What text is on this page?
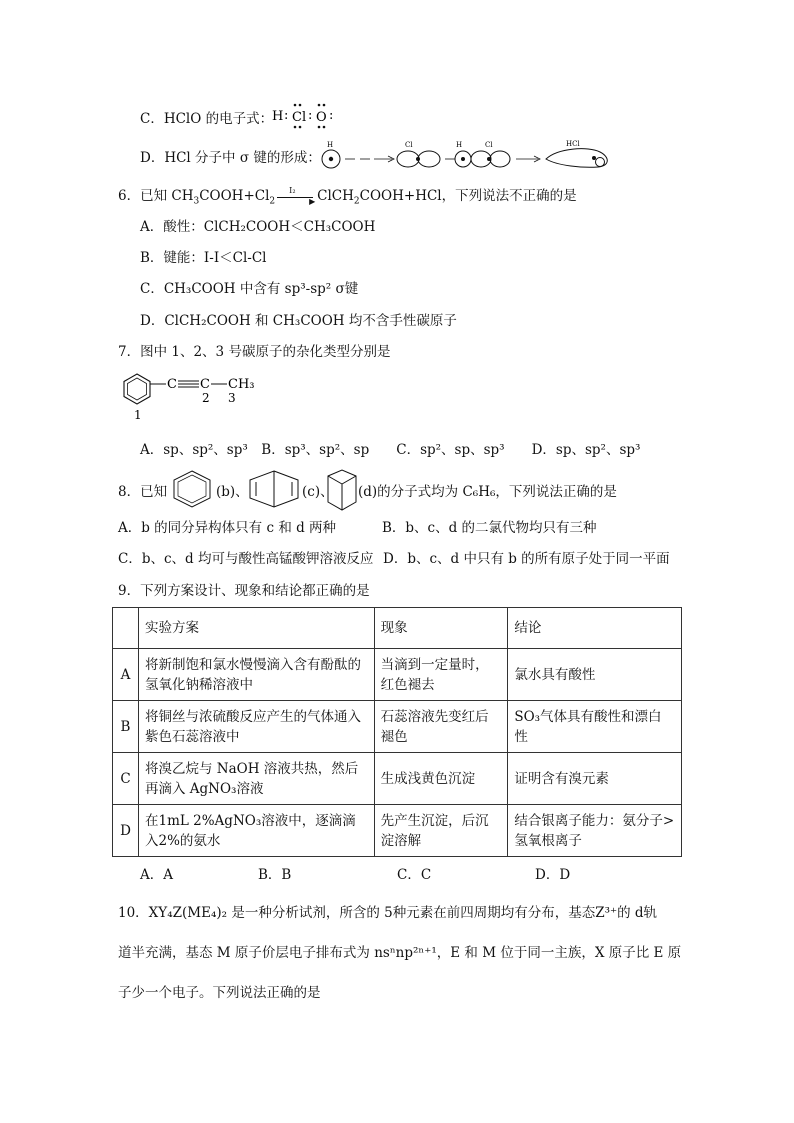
C．HClO 的电子式：
H : Cl : O :
D．HCl 分子中 σ 键的形成：
H	Cl	H	Cl	HCl
6．已知 $CH_3COOH+Cl_2$
I₂
▶ ClCH$_2$COOH+HCl，下列说法不正确的是
A．酸性：ClCH₂COOH＜CH₃COOH
B．键能：I-I＜Cl-Cl
C．CH₃COOH 中含有 sp³-sp² σ键
D．ClCH₂COOH 和 CH₃COOH 均不含手性碳原子
7．图中 1、2、3 号碳原子的杂化类型分别是
C C CH₃
1
2 3
A．sp、sp²、sp³　B．sp³、sp²、sp　　C．sp²、sp、sp³　　D．sp、sp²、sp³
8．已知	(b)、	(c)、 (d)的分子式均为 C₆H₆，下列说法正确的是
A．b 的同分异构体只有 c 和 d 两种	B．b、c、d 的二氯代物均只有三种
C．b、c、d 均可与酸性高锰酸钾溶液反应 D．b、c、d 中只有 b 的所有原子处于同一平面
9．下列方案设计、现象和结论都正确的是
	实验方案	现象	结论
A	将新制饱和氯水慢慢滴入含有酚酞的氢氧化钠稀溶液中	当滴到一定量时，红色褪去	氯水具有酸性
B	将铜丝与浓硫酸反应产生的气体通入紫色石蕊溶液中	石蕊溶液先变红后褪色	SO₃气体具有酸性和漂白性
C	将溴乙烷与 NaOH 溶液共热，然后再滴入 AgNO₃溶液	生成浅黄色沉淀	证明含有溴元素
D	在1mL 2%AgNO₃溶液中，逐滴滴入2%的氨水	先产生沉淀，后沉淀溶解	结合银离子能力：氨分子>氢氧根离子
A．A	B．B	C．C	D．D
10．XY₄Z(ME₄)₂ 是一种分析试剂，所含的 5种元素在前四周期均有分布，基态Z³⁺的 d轨
道半充满，基态 M 原子价层电子排布式为 nsⁿnp²ⁿ⁺¹，E 和 M 位于同一主族，X 原子比 E 原
子少一个电子。下列说法正确的是
